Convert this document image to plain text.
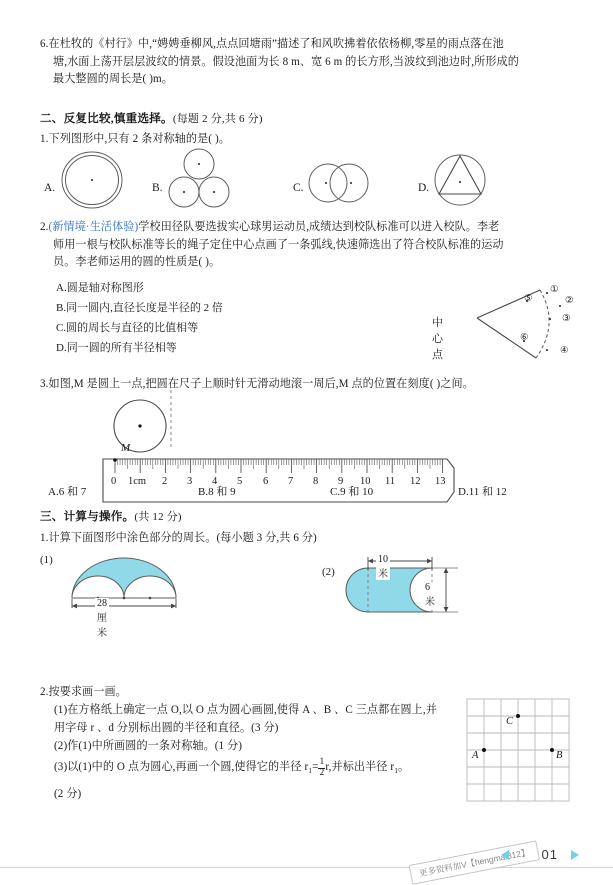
6.在杜牧的《村行》中,“娉娉垂柳风,点点回塘雨”描述了和风吹拂着依依杨柳,零星的雨点落在池
塘,水面上荡开层层波纹的情景。假设池面为长 8 m、宽 6 m 的长方形,当波纹到池边时,所形成的
最大整圆的周长是( )m。
二、反复比较,慎重选择。(每题 2 分,共 6 分)
1.下列图形中,只有 2 条对称轴的是( )。
A.	B.	C.	D.
2.(新情境·生活体验)学校田径队要选拔实心球男运动员,成绩达到校队标准可以进入校队。李老
师用一根与校队标准等长的绳子定住中心点画了一条弧线,快速筛选出了符合校队标准的运动
员。李老师运用的圆的性质是( )。
A.圆是轴对称图形
B.同一圆内,直径长度是半径的 2 倍
C.圆的周长与直径的比值相等
D.同一圆的所有半径相等
中心点
①
②
③
④
⑤
⑥
3.如图,M 是圆上一点,把圆在尺子上顺时针无滑动地滚一周后,M 点的位置在刻度( )之间。
M
0 1cm 2 3 4 5 6 7 8 9 10 11 12 13
A.6 和 7	B.8 和 9	C.9 和 10	D.11 和 12
三、计算与操作。(共 12 分)
1.计算下面图形中涂色部分的周长。(每小题 3 分,共 6 分)
(1)
28厘米
(2)
10米
6米
2.按要求画一画。
(1)在方格纸上确定一点 O,以 O 点为圆心画圆,使得 A 、B 、C 三点都在圆上,并
用字母 r 、d 分别标出圆的半径和直径。(3 分)
(2)作(1)中所画圆的一条对称轴。(1 分)
(3)以(1)中的 O 点为圆心,再画一个圆,使得它的半径 $r_1= \frac{1}{2} r$,并标出半径 $r_1$。
(2 分)
A	B
C
更多资料加V【hengmai312】 01
